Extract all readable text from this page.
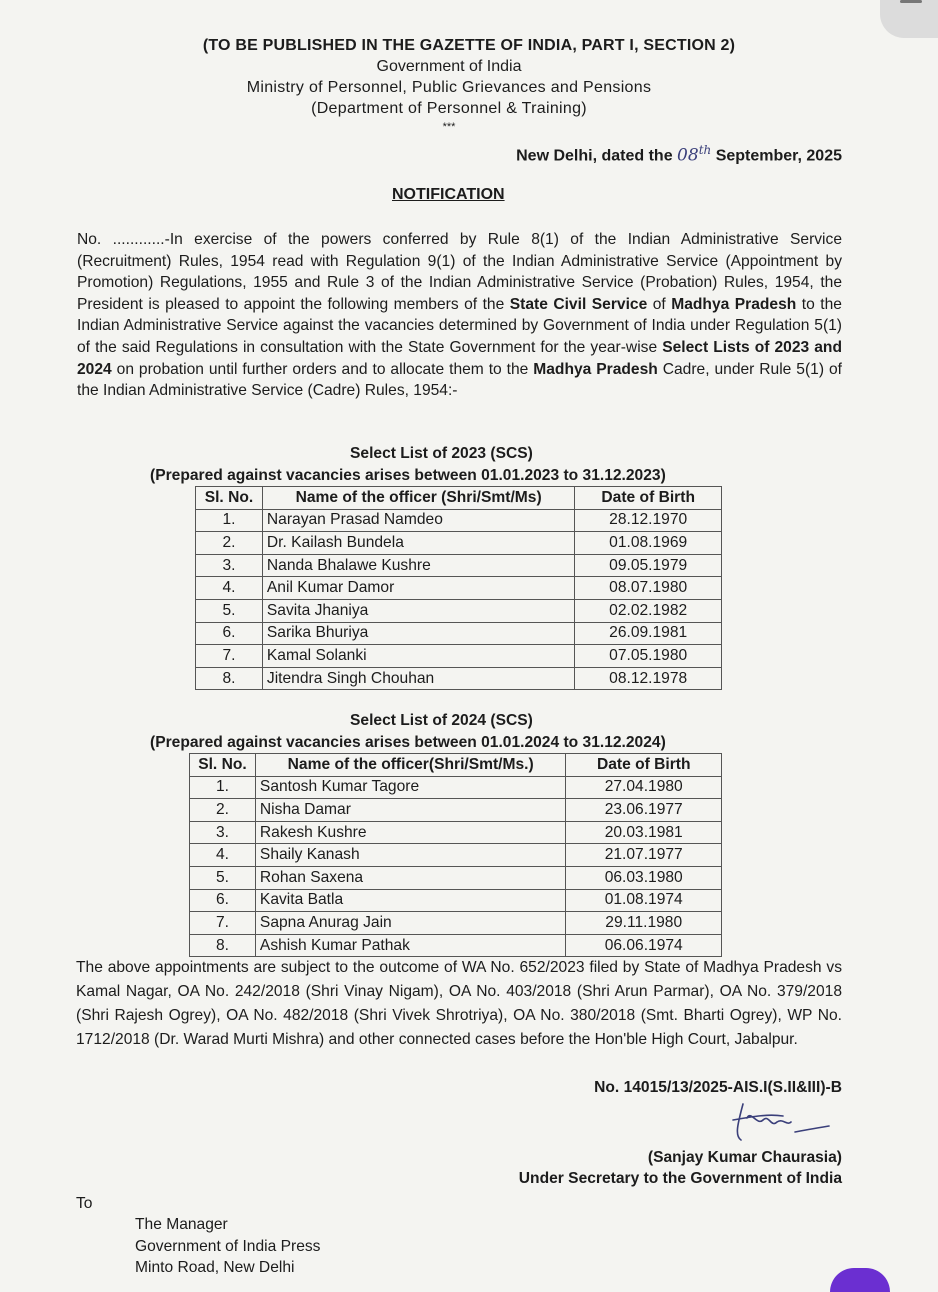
(TO BE PUBLISHED IN THE GAZETTE OF INDIA, PART I, SECTION 2)
Government of India
Ministry of Personnel, Public Grievances and Pensions
(Department of Personnel & Training)
***
New Delhi, dated the 08th September, 2025
NOTIFICATION
No. ............-In exercise of the powers conferred by Rule 8(1) of the Indian Administrative Service (Recruitment) Rules, 1954 read with Regulation 9(1) of the Indian Administrative Service (Appointment by Promotion) Regulations, 1955 and Rule 3 of the Indian Administrative Service (Probation) Rules, 1954, the President is pleased to appoint the following members of the State Civil Service of Madhya Pradesh to the Indian Administrative Service against the vacancies determined by Government of India under Regulation 5(1) of the said Regulations in consultation with the State Government for the year-wise Select Lists of 2023 and 2024 on probation until further orders and to allocate them to the Madhya Pradesh Cadre, under Rule 5(1) of the Indian Administrative Service (Cadre) Rules, 1954:-
Select List of 2023 (SCS)
(Prepared against vacancies arises between 01.01.2023 to 31.12.2023)
Sl. No.	Name of the officer (Shri/Smt/Ms)	Date of Birth
1.	Narayan Prasad Namdeo	28.12.1970
2.	Dr. Kailash Bundela	01.08.1969
3.	Nanda Bhalawe Kushre	09.05.1979
4.	Anil Kumar Damor	08.07.1980
5.	Savita Jhaniya	02.02.1982
6.	Sarika Bhuriya	26.09.1981
7.	Kamal Solanki	07.05.1980
8.	Jitendra Singh Chouhan	08.12.1978
Select List of 2024 (SCS)
(Prepared against vacancies arises between 01.01.2024 to 31.12.2024)
Sl. No.	Name of the officer(Shri/Smt/Ms.)	Date of Birth
1.	Santosh Kumar Tagore	27.04.1980
2.	Nisha Damar	23.06.1977
3.	Rakesh Kushre	20.03.1981
4.	Shaily Kanash	21.07.1977
5.	Rohan Saxena	06.03.1980
6.	Kavita Batla	01.08.1974
7.	Sapna Anurag Jain	29.11.1980
8.	Ashish Kumar Pathak	06.06.1974
The above appointments are subject to the outcome of WA No. 652/2023 filed by State of Madhya Pradesh vs Kamal Nagar, OA No. 242/2018 (Shri Vinay Nigam), OA No. 403/2018 (Shri Arun Parmar), OA No. 379/2018 (Shri Rajesh Ogrey), OA No. 482/2018 (Shri Vivek Shrotriya), OA No. 380/2018 (Smt. Bharti Ogrey), WP No. 1712/2018 (Dr. Warad Murti Mishra) and other connected cases before the Hon'ble High Court, Jabalpur.
No. 14015/13/2025-AIS.I(S.II&III)-B
(Sanjay Kumar Chaurasia)
Under Secretary to the Government of India
To
The Manager
Government of India Press
Minto Road, New Delhi
